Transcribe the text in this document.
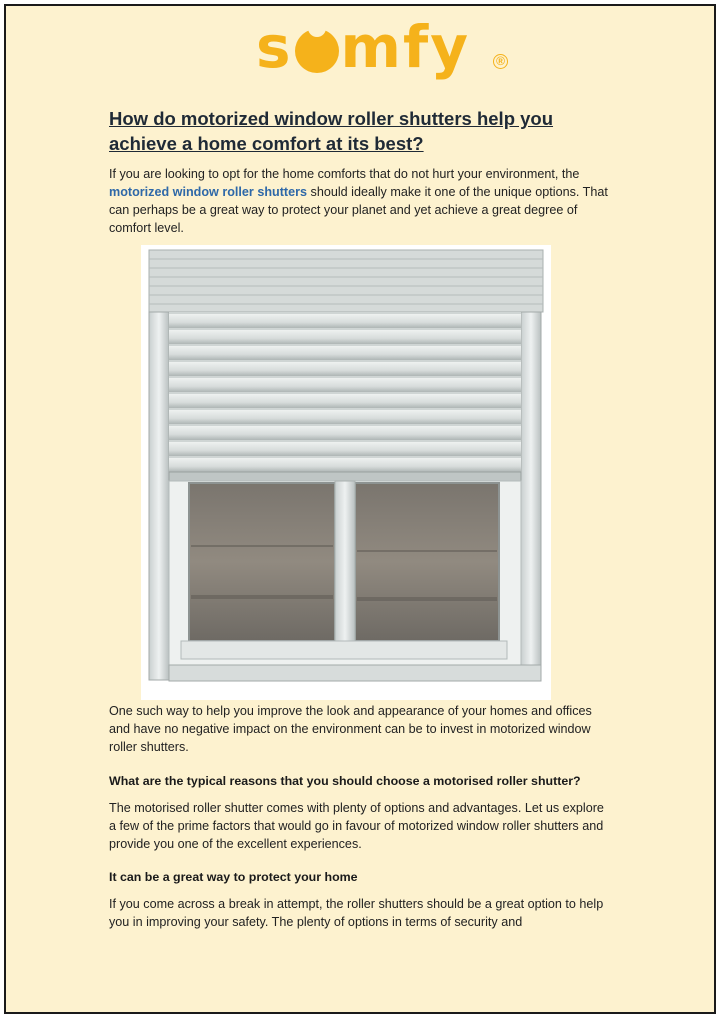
s mfy ®
How do motorized window roller shutters help you
achieve a home comfort at its best?

If you are looking to opt for the home comforts that do not hurt your environment, the motorized window roller shutters should ideally make it one of the unique options. That can perhaps be a great way to protect your planet and yet achieve a great degree of comfort level.

One such way to help you improve the look and appearance of your homes and offices and have no negative impact on the environment can be to invest in motorized window roller shutters.

What are the typical reasons that you should choose a motorised roller shutter?

The motorised roller shutter comes with plenty of options and advantages. Let us explore a few of the prime factors that would go in favour of motorized window roller shutters and provide you one of the excellent experiences.

It can be a great way to protect your home

If you come across a break in attempt, the roller shutters should be a great option to help you in improving your safety. The plenty of options in terms of security and
